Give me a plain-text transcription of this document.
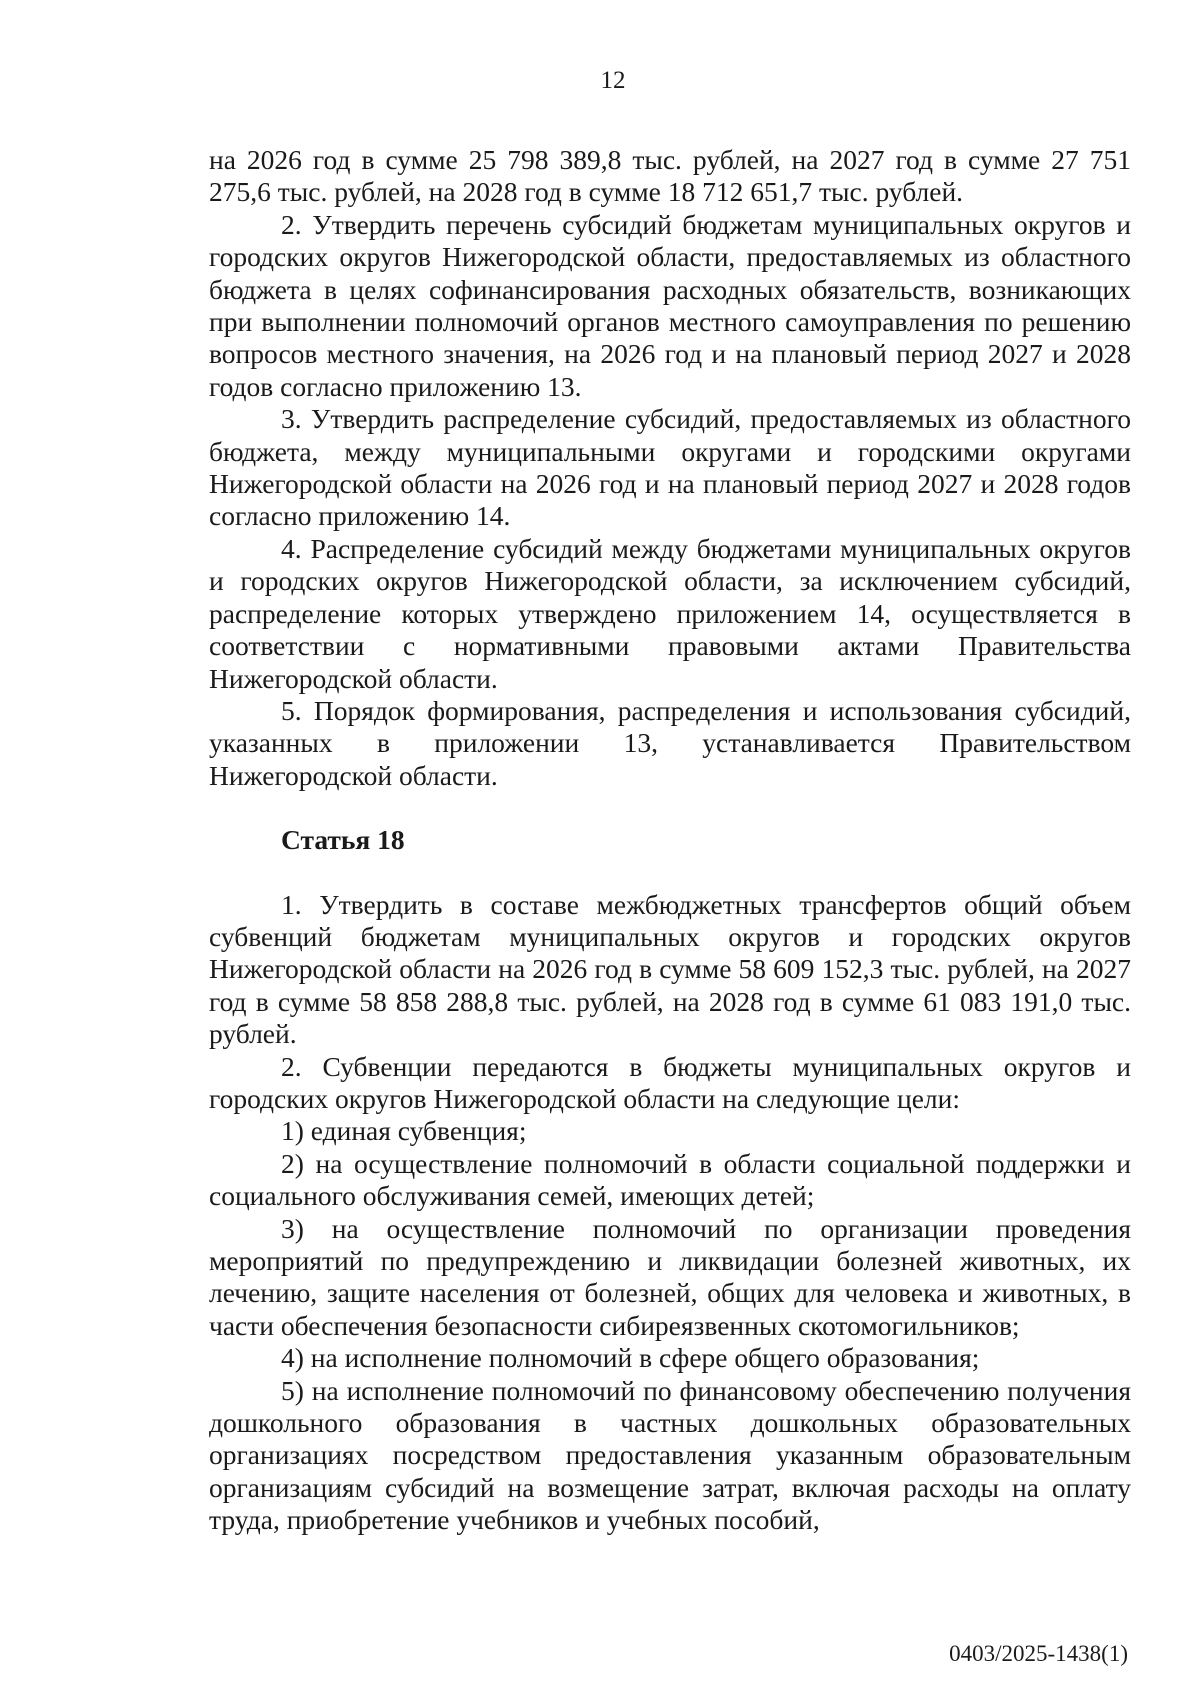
12

на 2026 год в сумме 25 798 389,8 тыс. рублей, на 2027 год в сумме 27 751 275,6 тыс. рублей, на 2028 год в сумме 18 712 651,7 тыс. рублей.

2. Утвердить перечень субсидий бюджетам муниципальных округов и городских округов Нижегородской области, предоставляемых из областного бюджета в целях софинансирования расходных обязательств, возникающих при выполнении полномочий органов местного самоуправления по решению вопросов местного значения, на 2026 год и на плановый период 2027 и 2028 годов согласно приложению 13.

3. Утвердить распределение субсидий, предоставляемых из областного бюджета, между муниципальными округами и городскими округами Нижегородской области на 2026 год и на плановый период 2027 и 2028 годов согласно приложению 14.

4. Распределение субсидий между бюджетами муниципальных округов и городских округов Нижегородской области, за исключением субсидий, распределение которых утверждено приложением 14, осуществляется в соответствии с нормативными правовыми актами Правительства Нижегородской области.

5. Порядок формирования, распределения и использования субсидий, указанных в приложении 13, устанавливается Правительством Нижегородской области.

Статья 18

1. Утвердить в составе межбюджетных трансфертов общий объем субвенций бюджетам муниципальных округов и городских округов Нижегородской области на 2026 год в сумме 58 609 152,3 тыс. рублей, на 2027 год в сумме 58 858 288,8 тыс. рублей, на 2028 год в сумме 61 083 191,0 тыс. рублей.

2. Субвенции передаются в бюджеты муниципальных округов и городских округов Нижегородской области на следующие цели:

1) единая субвенция;

2) на осуществление полномочий в области социальной поддержки и социального обслуживания семей, имеющих детей;

3) на осуществление полномочий по организации проведения мероприятий по предупреждению и ликвидации болезней животных, их лечению, защите населения от болезней, общих для человека и животных, в части обеспечения безопасности сибиреязвенных скотомогильников;

4) на исполнение полномочий в сфере общего образования;

5) на исполнение полномочий по финансовому обеспечению получения дошкольного образования в частных дошкольных образовательных организациях посредством предоставления указанным образовательным организациям субсидий на возмещение затрат, включая расходы на оплату труда, приобретение учебников и учебных пособий,

0403/2025-1438(1)
